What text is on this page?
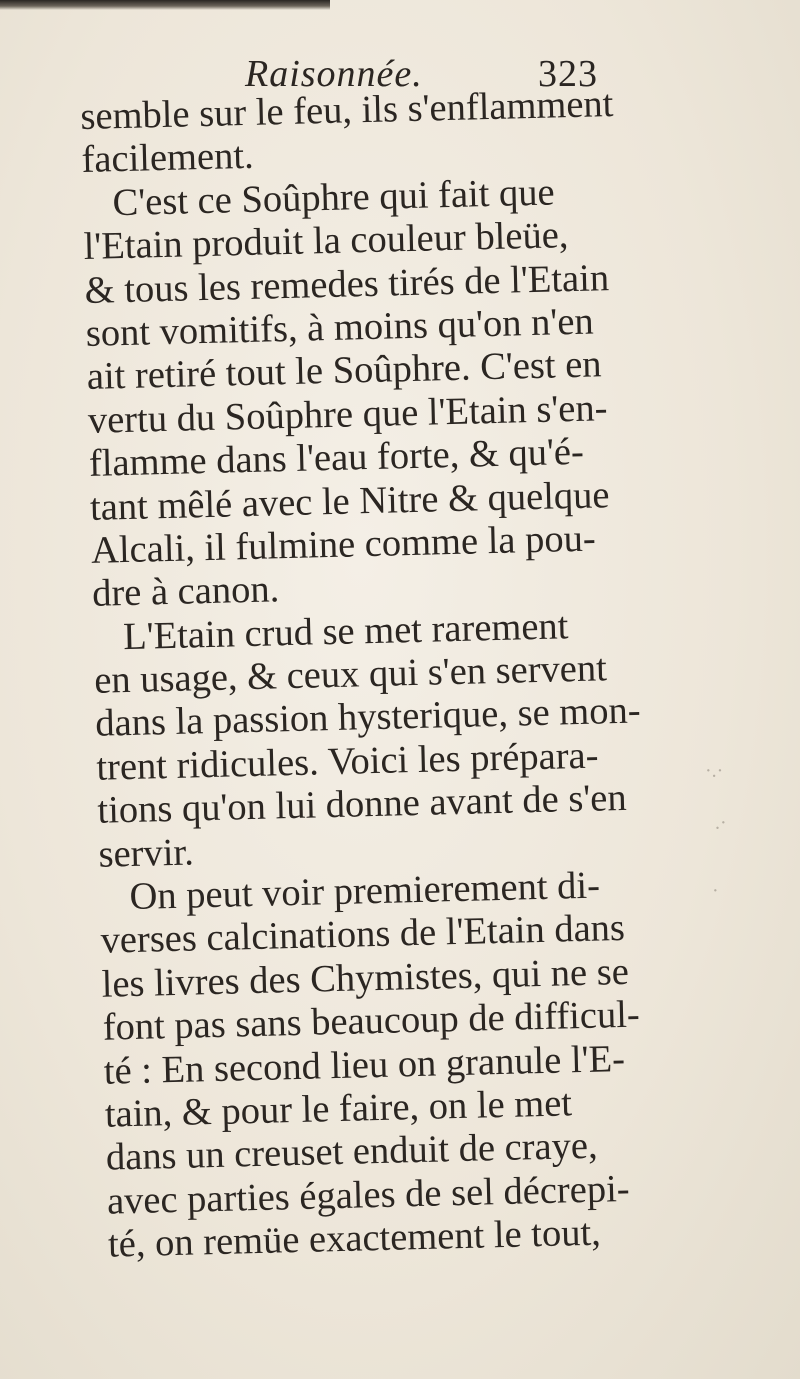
Raisonnée.	323
semble sur le feu, ils s'enflamment
facilement.
C'est ce Soûphre qui fait que
l'Etain produit la couleur bleüe,
& tous les remedes tirés de l'Etain
sont vomitifs, à moins qu'on n'en
ait retiré tout le Soûphre. C'est en
vertu du Soûphre que l'Etain s'en-
flamme dans l'eau forte, & qu'é-
tant mêlé avec le Nitre & quelque
Alcali, il fulmine comme la pou-
dre à canon.
L'Etain crud se met rarement
en usage, & ceux qui s'en servent
dans la passion hysterique, se mon-
trent ridicules. Voici les prépara-
tions qu'on lui donne avant de s'en
servir.
On peut voir premierement di-
verses calcinations de l'Etain dans
les livres des Chymistes, qui ne se
font pas sans beaucoup de difficul-
té : En second lieu on granule l'E-
tain, & pour le faire, on le met
dans un creuset enduit de craye,
avec parties égales de sel décrepi-
té, on remüe exactement le tout,
·.·
.·
·
